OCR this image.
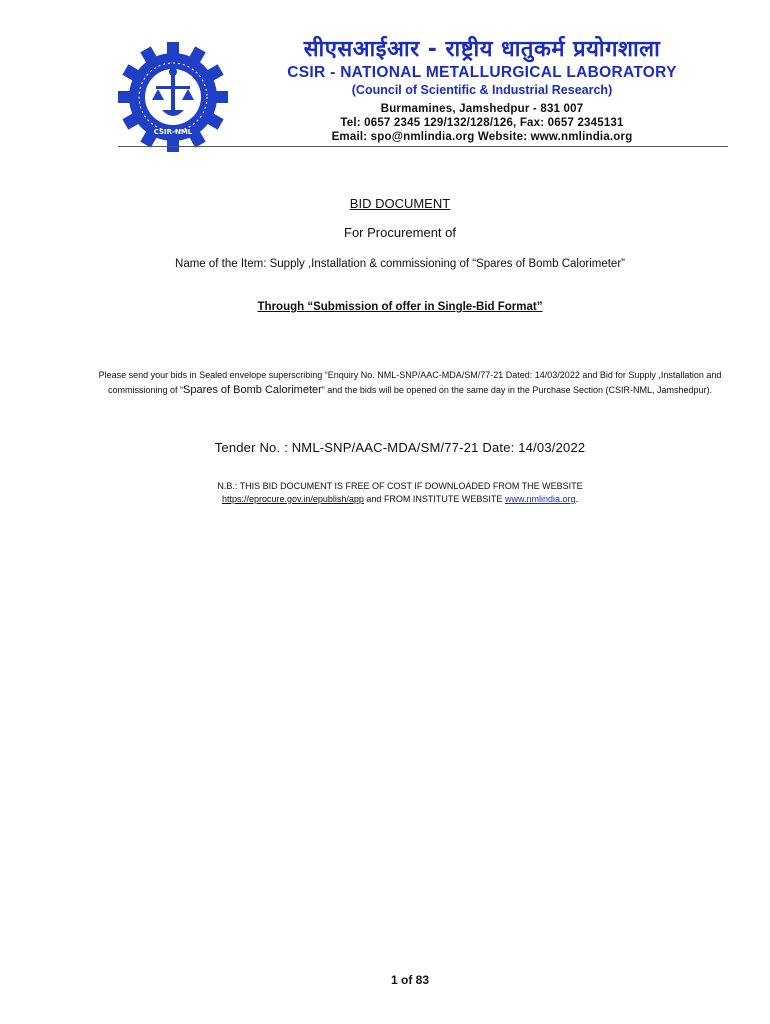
CSIR-NML
सीएसआईआर - राष्ट्रीय धातुकर्म प्रयोगशाला
CSIR - NATIONAL METALLURGICAL LABORATORY
(Council of Scientific & Industrial Research)
Burmamines, Jamshedpur - 831 007
Tel: 0657 2345 129/132/128/126, Fax: 0657 2345131
Email: spo@nmlindia.org Website: www.nmlindia.org
BID DOCUMENT
For Procurement of
Name of the Item: Supply ,Installation & commissioning of “Spares of Bomb Calorimeter”
Through “Submission of offer in Single-Bid Format”
Please send your bids in Sealed envelope superscribing “Enquiry No. NML-SNP/AAC-MDA/SM/77-21 Dated: 14/03/2022 and Bid for Supply ,Installation and commissioning of “Spares of Bomb Calorimeter” and the bids will be opened on the same day in the Purchase Section (CSIR-NML, Jamshedpur).
Tender No. : NML-SNP/AAC-MDA/SM/77-21 Date: 14/03/2022
N.B.: THIS BID DOCUMENT IS FREE OF COST IF DOWNLOADED FROM THE WEBSITE
https://eprocure.gov.in/epublish/app and FROM INSTITUTE WEBSITE www.nmlindia.org.
1 of 83
